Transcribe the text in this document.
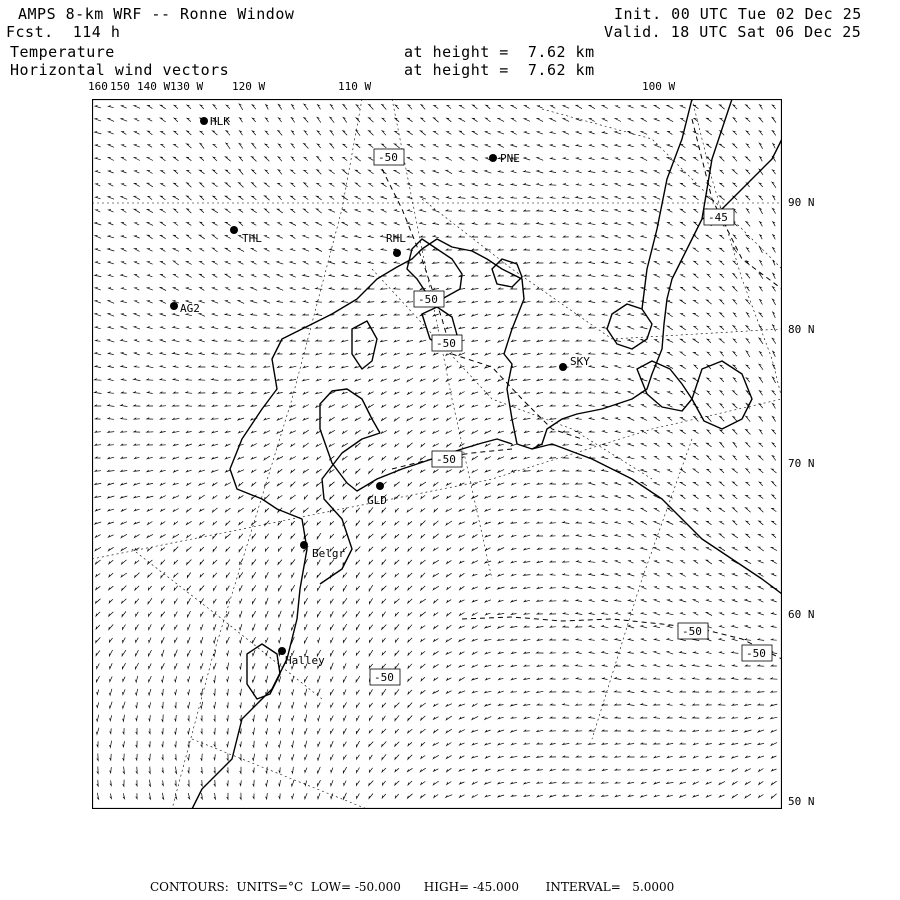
AMPS 8-km WRF -- Ronne Window
Fcst.  114 h
Temperature
Horizontal wind vectors
at height =  7.62 km
at height =  7.62 km
Init. 00 UTC Tue 02 Dec 25
Valid. 18 UTC Sat 06 Dec 25
160 150 140 W 130 W	120 W	110 W	100 W
90 N
80 N
70 N
60 N
50 N
-50
-45
-50
-50
-50
-50
-50
-50
HLK
PNE
THL	RHL
AG2
SKY
GLD
Belgr
Halley
CONTOURS:  UNITS=°C  LOW= -50.000      HIGH= -45.000       INTERVAL=   5.0000
